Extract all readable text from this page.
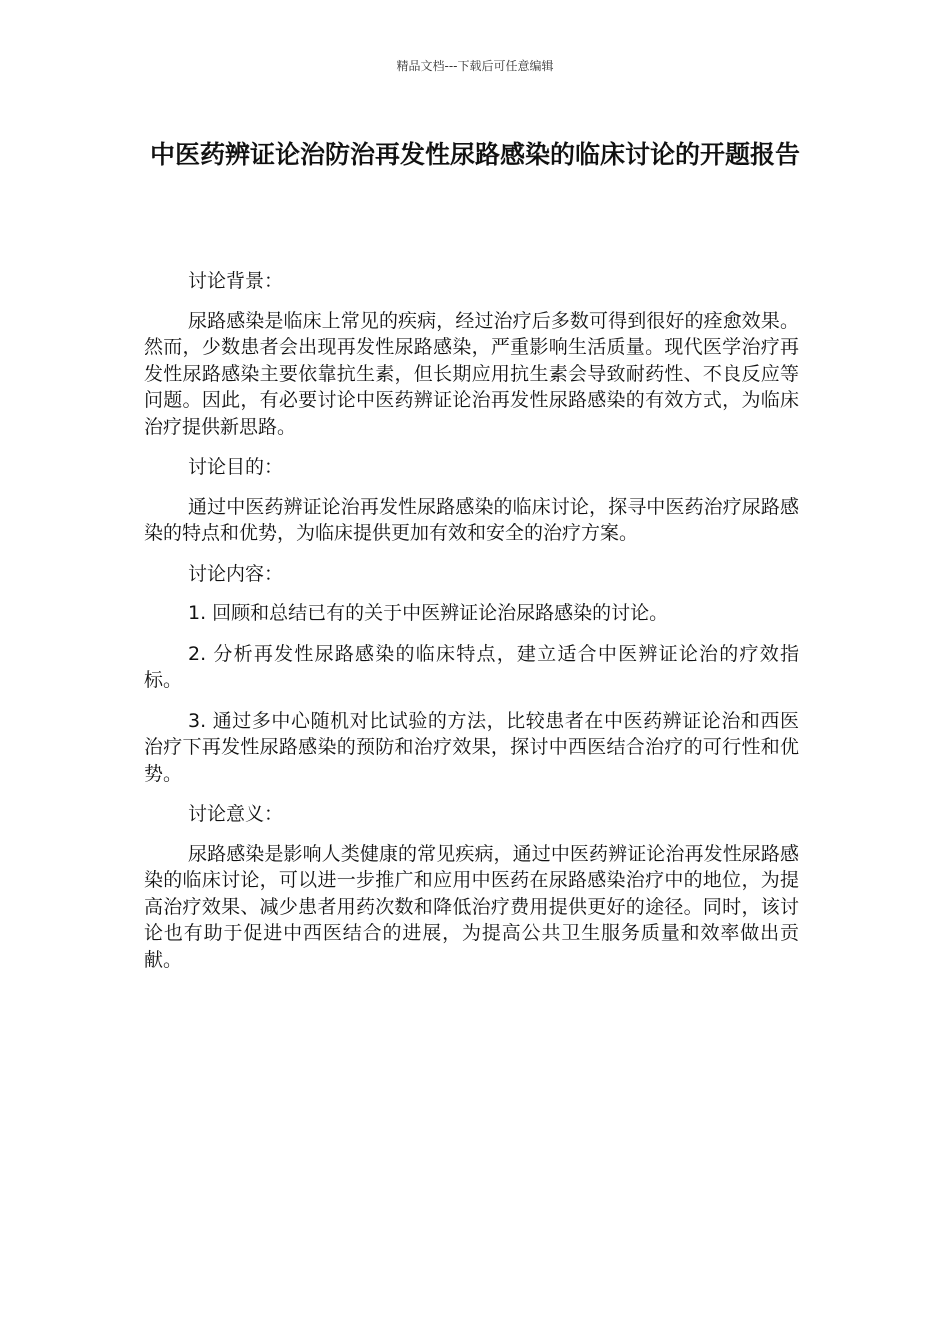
精品文档---下载后可任意编辑
中医药辨证论治防治再发性尿路感染的临床讨论的开题报告

讨论背景：

尿路感染是临床上常见的疾病，经过治疗后多数可得到很好的痊愈效果。然而，少数患者会出现再发性尿路感染，严重影响生活质量。现代医学治疗再发性尿路感染主要依靠抗生素，但长期应用抗生素会导致耐药性、不良反应等问题。因此，有必要讨论中医药辨证论治再发性尿路感染的有效方式，为临床治疗提供新思路。

讨论目的：

通过中医药辨证论治再发性尿路感染的临床讨论，探寻中医药治疗尿路感染的特点和优势，为临床提供更加有效和安全的治疗方案。

讨论内容：

1. 回顾和总结已有的关于中医辨证论治尿路感染的讨论。

2. 分析再发性尿路感染的临床特点，建立适合中医辨证论治的疗效指标。

3. 通过多中心随机对比试验的方法，比较患者在中医药辨证论治和西医治疗下再发性尿路感染的预防和治疗效果，探讨中西医结合治疗的可行性和优势。

讨论意义：

尿路感染是影响人类健康的常见疾病，通过中医药辨证论治再发性尿路感染的临床讨论，可以进一步推广和应用中医药在尿路感染治疗中的地位，为提高治疗效果、减少患者用药次数和降低治疗费用提供更好的途径。同时，该讨论也有助于促进中西医结合的进展，为提高公共卫生服务质量和效率做出贡献。
